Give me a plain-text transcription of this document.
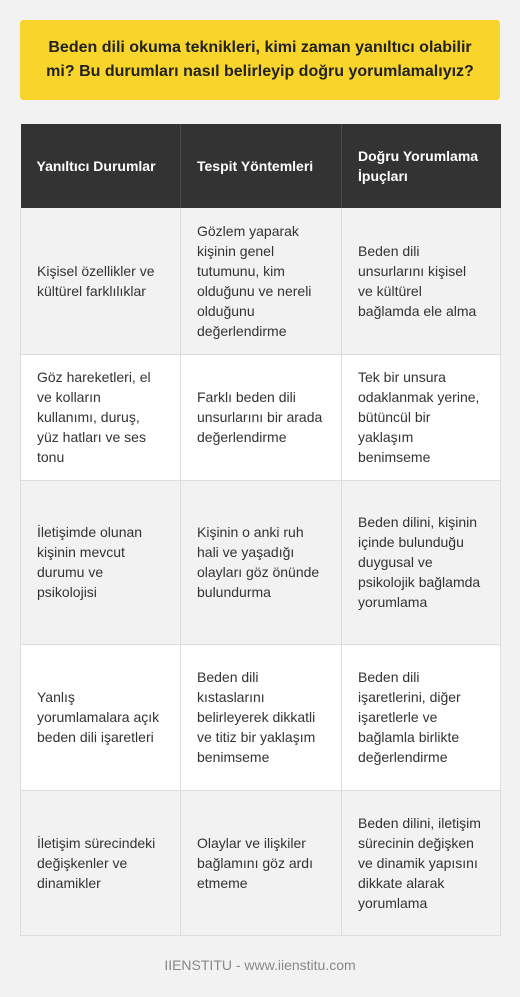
Beden dili okuma teknikleri, kimi zaman yanıltıcı olabilir mi? Bu durumları nasıl belirleyip doğru yorumlamalıyız?
Yanıltıcı Durumlar	Tespit Yöntemleri	Doğru Yorumlama İpuçları
Kişisel özellikler ve kültürel farklılıklar	Gözlem yaparak kişinin genel tutumunu, kim olduğunu ve nereli olduğunu değerlendirme	Beden dili unsurlarını kişisel ve kültürel bağlamda ele alma
Göz hareketleri, el ve kolların kullanımı, duruş, yüz hatları ve ses tonu	Farklı beden dili unsurlarını bir arada değerlendirme	Tek bir unsura odaklanmak yerine, bütüncül bir yaklaşım benimseme
İletişimde olunan kişinin mevcut durumu ve psikolojisi	Kişinin o anki ruh hali ve yaşadığı olayları göz önünde bulundurma	Beden dilini, kişinin içinde bulunduğu duygusal ve psikolojik bağlamda yorumlama
Yanlış yorumlamalara açık beden dili işaretleri	Beden dili kıstaslarını belirleyerek dikkatli ve titiz bir yaklaşım benimseme	Beden dili işaretlerini, diğer işaretlerle ve bağlamla birlikte değerlendirme
İletişim sürecindeki değişkenler ve dinamikler	Olaylar ve ilişkiler bağlamını göz ardı etmeme	Beden dilini, iletişim sürecinin değişken ve dinamik yapısını dikkate alarak yorumlama
IIENSTITU - www.iienstitu.com
